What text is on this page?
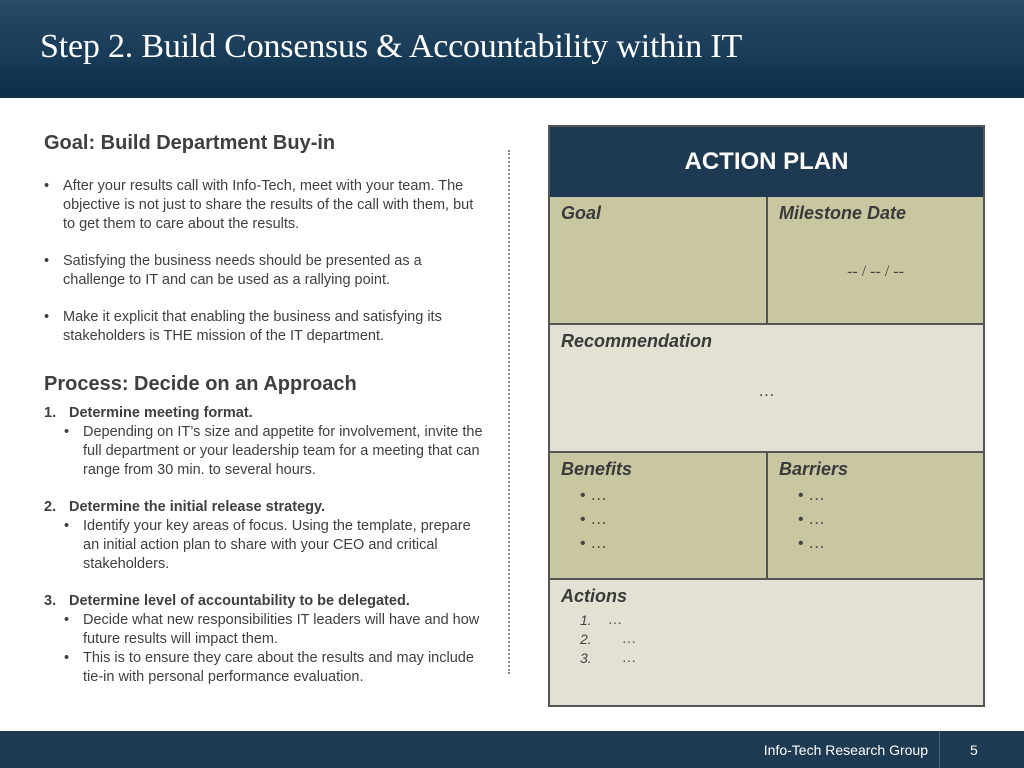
Step 2. Build Consensus & Accountability within IT
Goal: Build Department Buy-in
• After your results call with Info-Tech, meet with your team. The objective is not just to share the results of the call with them, but to get them to care about the results.
• Satisfying the business needs should be presented as a challenge to IT and can be used as a rallying point.
• Make it explicit that enabling the business and satisfying its stakeholders is THE mission of the IT department.
Process: Decide on an Approach
1. Determine meeting format.
• Depending on IT’s size and appetite for involvement, invite the full department or your leadership team for a meeting that can range from 30 min. to several hours.
2. Determine the initial release strategy.
• Identify your key areas of focus. Using the template, prepare an initial action plan to share with your CEO and critical stakeholders.
3. Determine level of accountability to be delegated.
• Decide what new responsibilities IT leaders will have and how future results will impact them.
• This is to ensure they care about the results and may include tie-in with personal performance evaluation.
ACTION PLAN
Goal	Milestone Date
-- / -- / --
Recommendation
…
Benefits
• …
• …
• …
Barriers
• …
• …
• …
Actions
1.	…
2.	…
3.	…
Info-Tech Research Group	5
